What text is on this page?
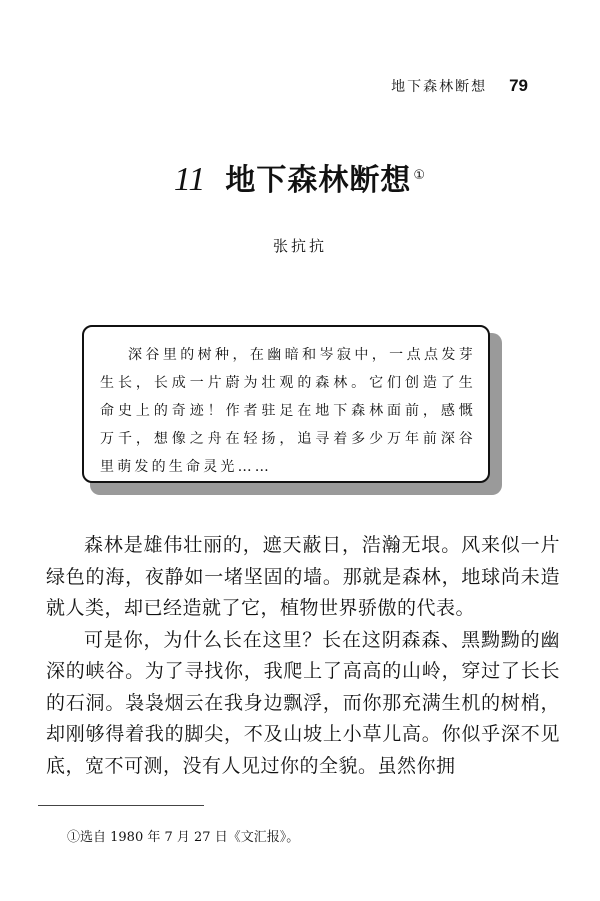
地下森林断想 79
11 地下森林断想 ①
张抗抗

深谷里的树种，在幽暗和岑寂中，一点点发芽生长，长成一片蔚为壮观的森林。它们创造了生命史上的奇迹！作者驻足在地下森林面前，感慨万千，想像之舟在轻扬，追寻着多少万年前深谷里萌发的生命灵光……

森林是雄伟壮丽的，遮天蔽日，浩瀚无垠。风来似一片绿色的海，夜静如一堵坚固的墙。那就是森林，地球尚未造就人类，却已经造就了它，植物世界骄傲的代表。

可是你，为什么长在这里？长在这阴森森、黑黝黝的幽深的峡谷。为了寻找你，我爬上了高高的山岭，穿过了长长的石洞。袅袅烟云在我身边飘浮，而你那充满生机的树梢，却刚够得着我的脚尖，不及山坡上小草儿高。你似乎深不见底，宽不可测，没有人见过你的全貌。虽然你拥

①选自 1980 年 7 月 27 日《文汇报》。
